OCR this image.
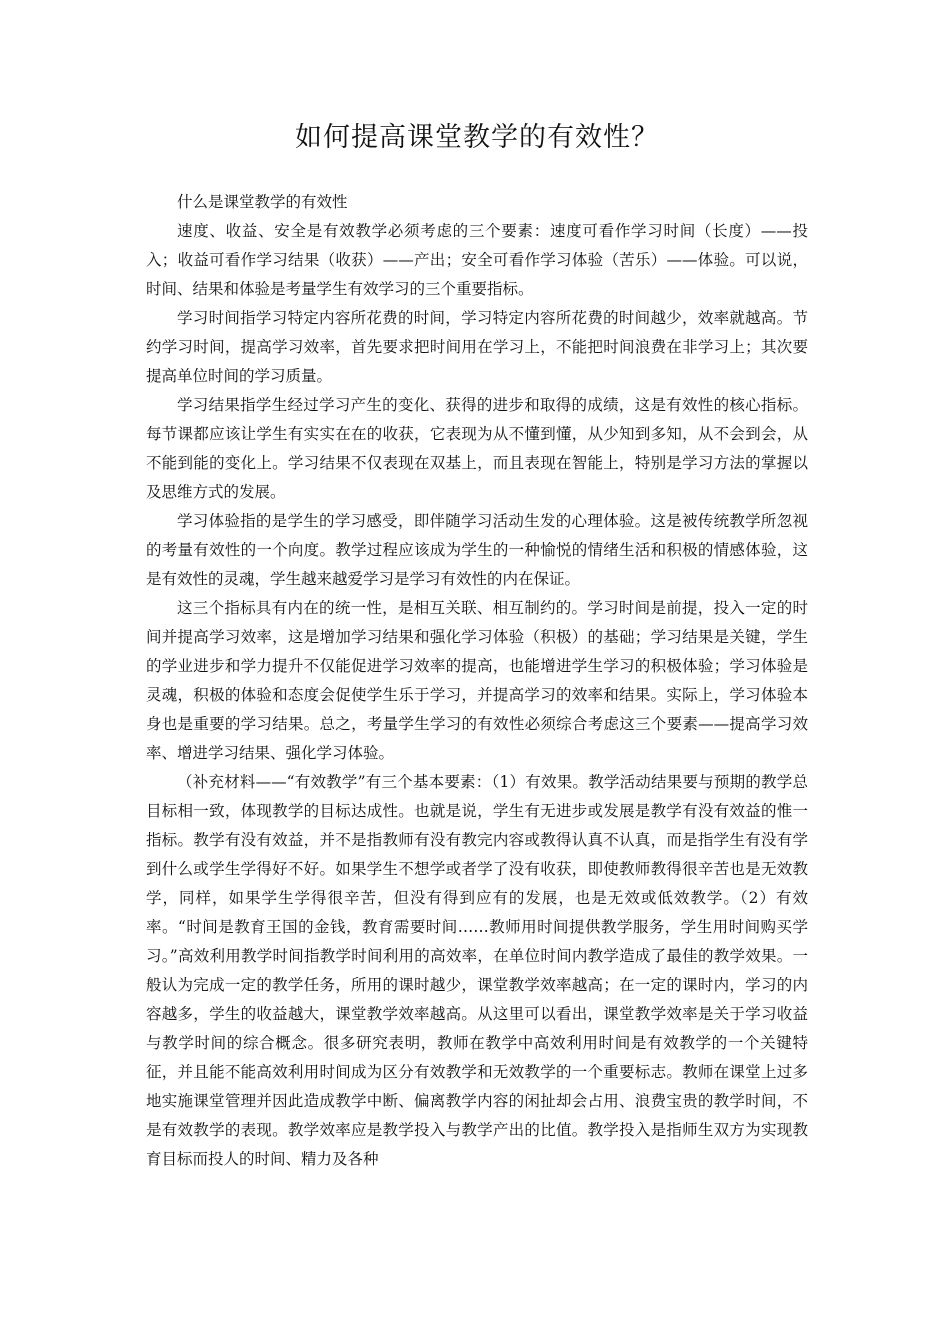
如何提高课堂教学的有效性？

什么是课堂教学的有效性

速度、收益、安全是有效教学必须考虑的三个要素：速度可看作学习时间（长度）——投入；收益可看作学习结果（收获）——产出；安全可看作学习体验（苦乐）——体验。可以说，时间、结果和体验是考量学生有效学习的三个重要指标。

学习时间指学习特定内容所花费的时间，学习特定内容所花费的时间越少，效率就越高。节约学习时间，提高学习效率，首先要求把时间用在学习上，不能把时间浪费在非学习上；其次要提高单位时间的学习质量。

学习结果指学生经过学习产生的变化、获得的进步和取得的成绩，这是有效性的核心指标。每节课都应该让学生有实实在在的收获，它表现为从不懂到懂，从少知到多知，从不会到会，从不能到能的变化上。学习结果不仅表现在双基上，而且表现在智能上，特别是学习方法的掌握以及思维方式的发展。

学习体验指的是学生的学习感受，即伴随学习活动生发的心理体验。这是被传统教学所忽视的考量有效性的一个向度。教学过程应该成为学生的一种愉悦的情绪生活和积极的情感体验，这是有效性的灵魂，学生越来越爱学习是学习有效性的内在保证。

这三个指标具有内在的统一性，是相互关联、相互制约的。学习时间是前提，投入一定的时间并提高学习效率，这是增加学习结果和强化学习体验（积极）的基础；学习结果是关键，学生的学业进步和学力提升不仅能促进学习效率的提高，也能增进学生学习的积极体验；学习体验是灵魂，积极的体验和态度会促使学生乐于学习，并提高学习的效率和结果。实际上，学习体验本身也是重要的学习结果。总之，考量学生学习的有效性必须综合考虑这三个要素——提高学习效率、增进学习结果、强化学习体验。

（补充材料——“有效教学”有三个基本要素：（1）有效果。教学活动结果要与预期的教学总目标相一致，体现教学的目标达成性。也就是说，学生有无进步或发展是教学有没有效益的惟一指标。教学有没有效益，并不是指教师有没有教完内容或教得认真不认真，而是指学生有没有学到什么或学生学得好不好。如果学生不想学或者学了没有收获，即使教师教得很辛苦也是无效教学，同样，如果学生学得很辛苦，但没有得到应有的发展，也是无效或低效教学。（2）有效率。“时间是教育王国的金钱，教育需要时间……教师用时间提供教学服务，学生用时间购买学习。”高效利用教学时间指教学时间利用的高效率，在单位时间内教学造成了最佳的教学效果。一般认为完成一定的教学任务，所用的课时越少，课堂教学效率越高；在一定的课时内，学习的内容越多，学生的收益越大，课堂教学效率越高。从这里可以看出，课堂教学效率是关于学习收益与教学时间的综合概念。很多研究表明，教师在教学中高效利用时间是有效教学的一个关键特征，并且能不能高效利用时间成为区分有效教学和无效教学的一个重要标志。教师在课堂上过多地实施课堂管理并因此造成教学中断、偏离教学内容的闲扯却会占用、浪费宝贵的教学时间，不是有效教学的表现。教学效率应是教学投入与教学产出的比值。教学投入是指师生双方为实现教育目标而投人的时间、精力及各种
